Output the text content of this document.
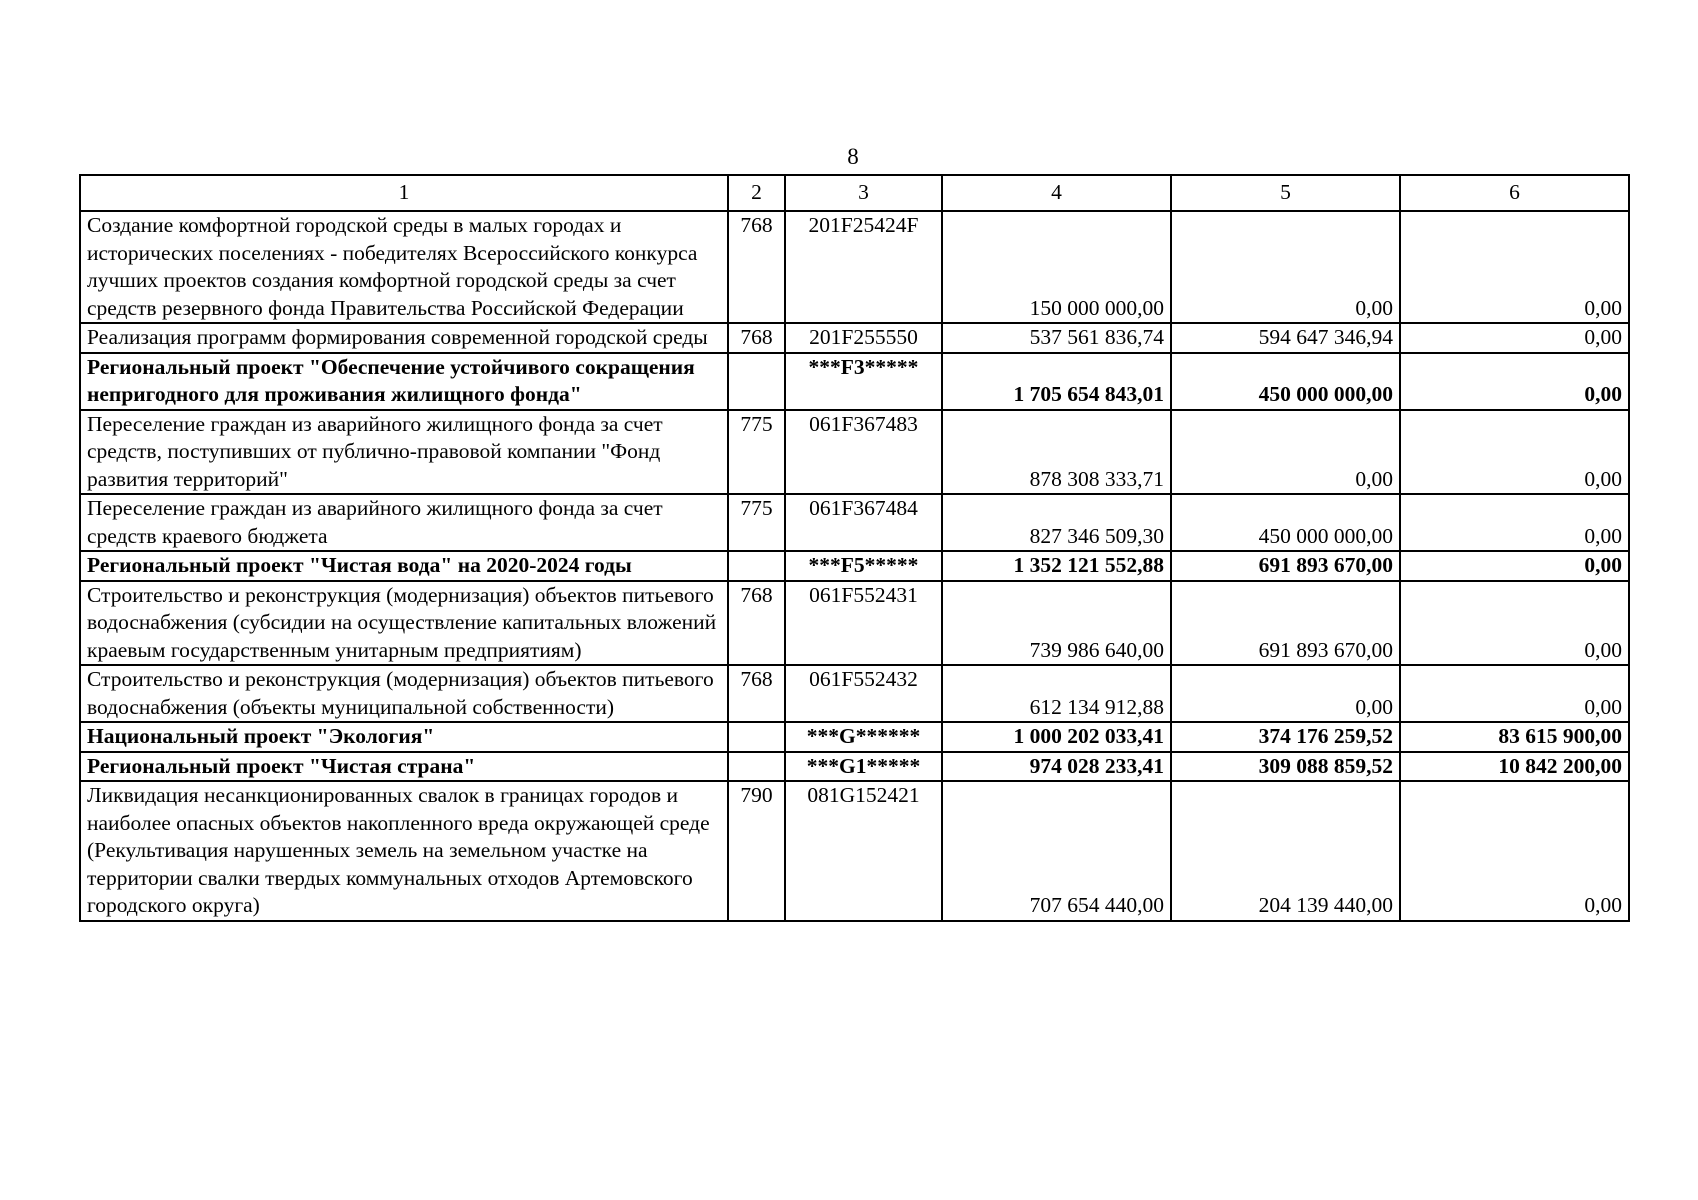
8
1	2	3	4	5	6
Создание комфортной городской среды в малых городах и исторических поселениях - победителях Всероссийского конкурса лучших проектов создания комфортной городской среды за счет средств резервного фонда Правительства Российской Федерации	768	201F25424F	150 000 000,00	0,00	0,00
Реализация программ формирования современной городской среды	768	201F255550	537 561 836,74	594 647 346,94	0,00
Региональный проект "Обеспечение устойчивого сокращения непригодного для проживания жилищного фонда"		***F3*****	1 705 654 843,01	450 000 000,00	0,00
Переселение граждан из аварийного жилищного фонда за счет средств, поступивших от публично-правовой компании "Фонд развития территорий"	775	061F367483	878 308 333,71	0,00	0,00
Переселение граждан из аварийного жилищного фонда за счет средств краевого бюджета	775	061F367484	827 346 509,30	450 000 000,00	0,00
Региональный проект "Чистая вода" на 2020-2024 годы		***F5*****	1 352 121 552,88	691 893 670,00	0,00
Строительство и реконструкция (модернизация) объектов питьевого водоснабжения (субсидии на осуществление капитальных вложений краевым государственным унитарным предприятиям)	768	061F552431	739 986 640,00	691 893 670,00	0,00
Строительство и реконструкция (модернизация) объектов питьевого водоснабжения (объекты муниципальной собственности)	768	061F552432	612 134 912,88	0,00	0,00
Национальный проект "Экология"		***G******	1 000 202 033,41	374 176 259,52	83 615 900,00
Региональный проект "Чистая страна"		***G1*****	974 028 233,41	309 088 859,52	10 842 200,00
Ликвидация несанкционированных свалок в границах городов и наиболее опасных объектов накопленного вреда окружающей среде (Рекультивация нарушенных земель на земельном участке на территории свалки твердых коммунальных отходов Артемовского городского округа)	790	081G152421	707 654 440,00	204 139 440,00	0,00
